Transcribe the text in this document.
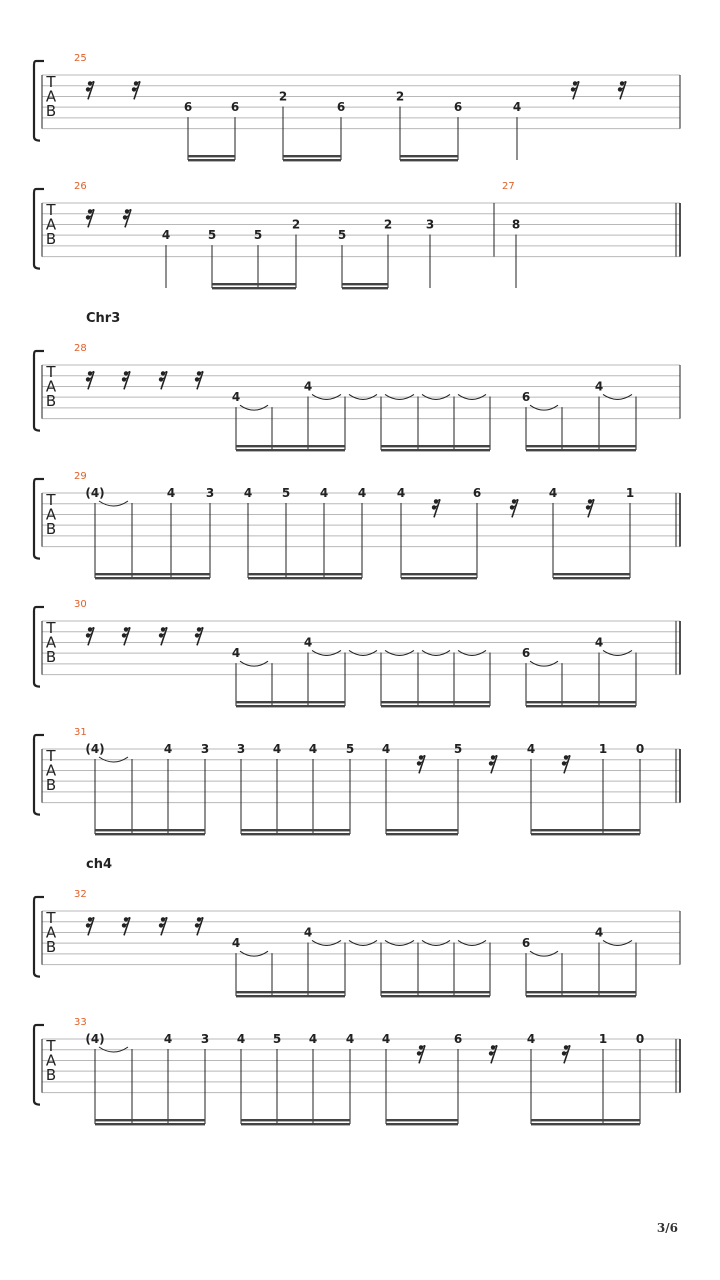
T
A
B
25
6	6
2
6
2
6	4
T
A
B
26
4	5	5
2
5
2	3
27
8
T
A
B
28
4
4
6
4
T
A
B
29
(4)	4	3 4 5 4 4	4	6	4	1
T
A
B
30
4
4
6
4
T
A
B
31
(4)	4 3 3 4 4 5 4	5	4	1 0
T
A
B
32
4
4
6
4
T
A
B
33
(4)	4 3 4 5 4 4 4	6	4	1 0
Chr3
ch4
3/6
